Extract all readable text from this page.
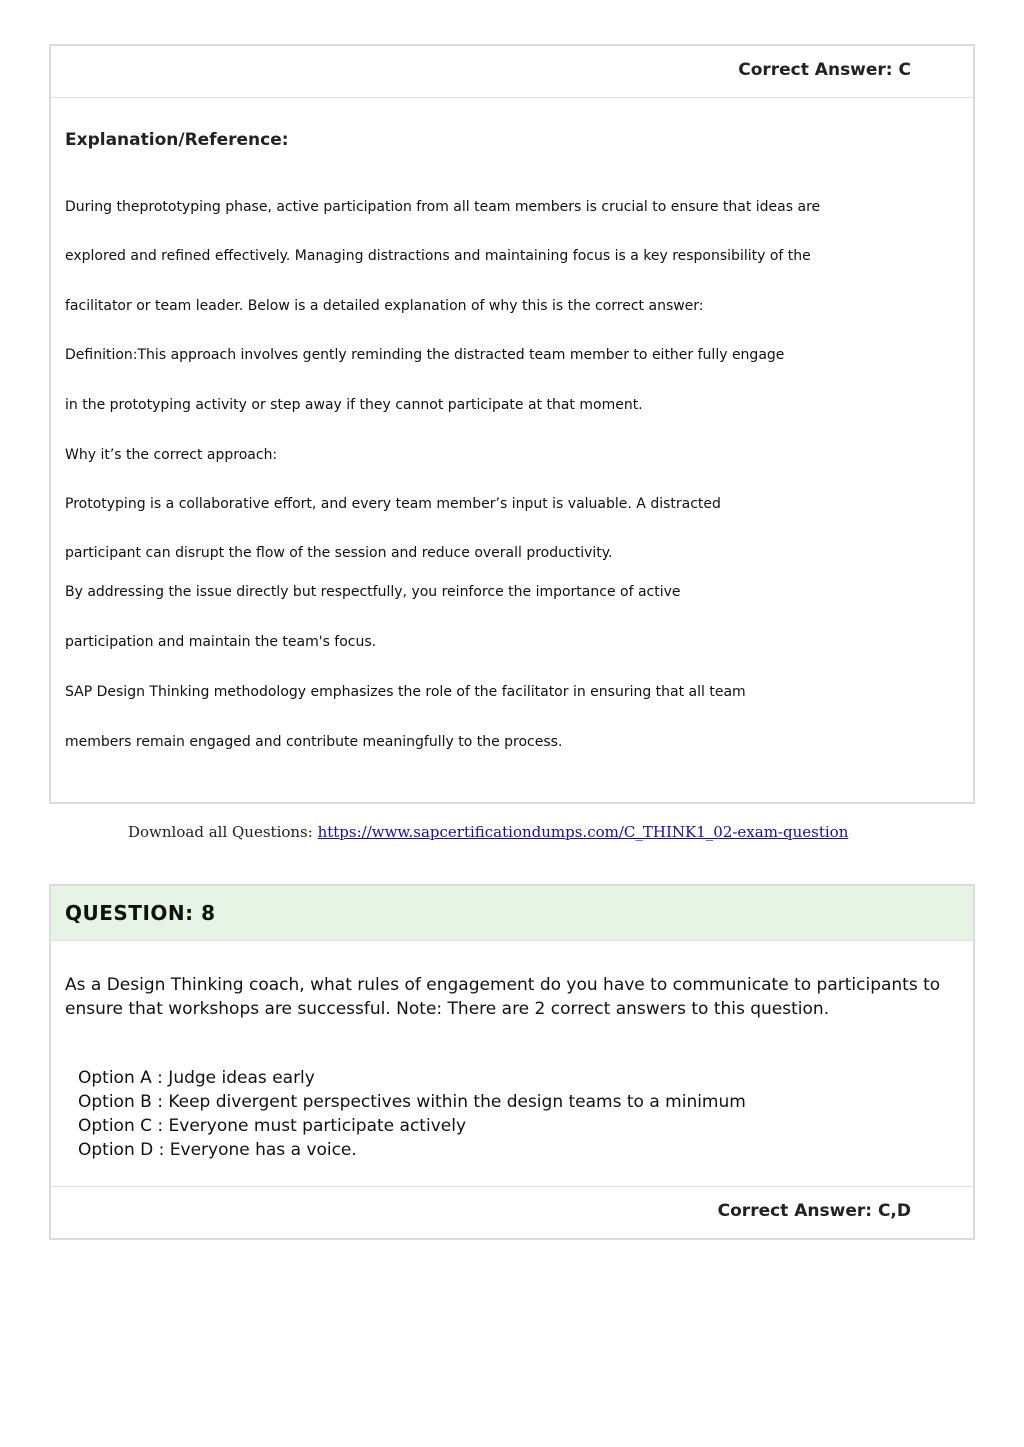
Correct Answer: C
Explanation/Reference:
During theprototyping phase, active participation from all team members is crucial to ensure that ideas are
explored and refined effectively. Managing distractions and maintaining focus is a key responsibility of the
facilitator or team leader. Below is a detailed explanation of why this is the correct answer:
Definition:This approach involves gently reminding the distracted team member to either fully engage
in the prototyping activity or step away if they cannot participate at that moment.
Why it’s the correct approach:
Prototyping is a collaborative effort, and every team member’s input is valuable. A distracted
participant can disrupt the flow of the session and reduce overall productivity.
By addressing the issue directly but respectfully, you reinforce the importance of active
participation and maintain the team's focus.
SAP Design Thinking methodology emphasizes the role of the facilitator in ensuring that all team
members remain engaged and contribute meaningfully to the process.
Download all Questions: https://www.sapcertificationdumps.com/C_THINK1_02-exam-question
QUESTION: 8
As a Design Thinking coach, what rules of engagement do you have to communicate to participants to ensure that workshops are successful. Note: There are 2 correct answers to this question.
Option A : Judge ideas early
Option B : Keep divergent perspectives within the design teams to a minimum
Option C : Everyone must participate actively
Option D : Everyone has a voice.
Correct Answer: C,D
